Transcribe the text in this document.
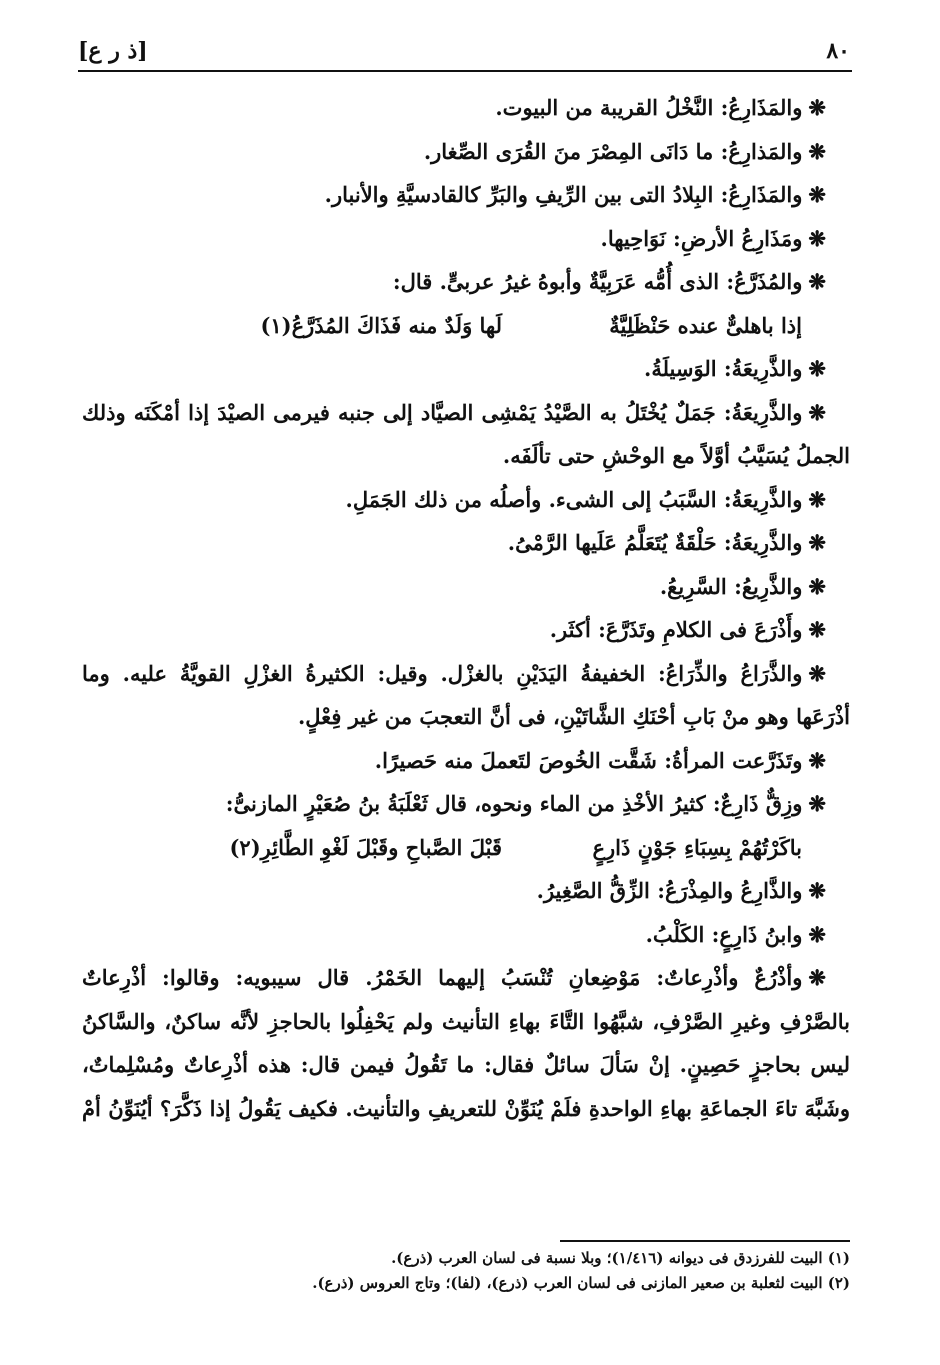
[ذ ر ع]	٨٠
❋والمَذَارِعُ: النَّخْلُ القريبة من البيوت.
❋والمَذارِعُ: ما دَانَى المِصْرَ منَ القُرَى الصِّغار.
❋والمَذَارِعُ: البِلادُ التى بين الرِّيفِ والبَرِّ كالقادسيَّةِ والأنبار.
❋ومَذَارِعُ الأرضِ: نَوَاحِيها.
❋والمُذَرَّعُ: الذى أُمُّه عَرَبِيَّةٌ وأبوهُ غيرُ عربىٍّ. قال:
إذا باهلىٌّ عنده حَنْظَلِيَّةٌ
لَها وَلَدٌ منه فَذَاكَ المُذَرَّعُ(١)
❋والذَّرِيعَةُ: الوَسِيلَةُ.
❋والذَّرِيعَةُ: جَمَلٌ يُخْتَلُ به الصَّيْدُ يَمْشِى الصيَّاد إلى جنبه فيرمى الصيْدَ إذا أمْكَنَه وذلك
الجملُ يُسَيَّبُ أوَّلاً مع الوحْشِ حتى تألَفَه.
❋والذَّرِيعَةُ: السَّبَبُ إلى الشىء. وأصلُه من ذلك الجَمَلِ.
❋والذَّرِيعَةُ: حَلْقَةٌ يُتَعَلَّمُ عَلَيها الرَّمْىُ.
❋والذَّرِيعُ: السَّرِيعُ.
❋وأَذْرَعَ فى الكلامِ وتَذَرَّعَ: أكثَر.
❋والذَّرَاعُ والذِّرَاعُ: الخفيفةُ اليَدَيْنِ بالغزْل. وقيل: الكثيرةُ الغزْلِ القويَّةُ عليه. وما
أذْرَعَها وهو منْ بَابِ أحْنَكِ الشَّاتَيْنِ، فى أنَّ التعجبَ من غير فِعْلٍ.
❋وتَذَرَّعت المرأةُ: شَقَّت الخُوصَ لتَعملَ منه حَصيرًا.
❋وزِقٌّ ذَارِعٌ: كثيرُ الأخْذِ من الماء ونحوه، قال ثَعْلَبَةُ بنُ صُعَيْرٍ المازنىُّ:
باكَرْتُهُمْ بِسِبَاءِ جَوْنٍ ذَارِعٍ
قَبْلَ الصَّباحِ وقَبْلَ لَغْوِ الطَّائِرِ(٢)
❋والذَّارِعُ والمِذْرَعُ: الزِّقُّ الصَّغِيرُ.
❋وابنُ ذَارِعٍ: الكَلْبُ.
❋وأذْرُعٌ وأذْرِعاتٌ: مَوْضِعانِ تُنْسَبُ إليهما الخَمْرُ. قال سيبويه: وقالوا: أذْرِعاتٌ
بالصَّرْفِ وغيرِ الصَّرْفِ، شبَّهُوا التَّاءَ بهاءِ التأنيث ولم يَحْفِلُوا بالحاجزِ لأنَّه ساكنٌ، والسَّاكنُ
ليس بحاجزٍ حَصِينٍ. إنْ سَألَ سائلٌ فقال: ما تَقُولُ فيمن قال: هذه أذْرِعاتٌ ومُسْلِماتٌ،
وشَبَّهَ تاءَ الجماعَةِ بهاءِ الواحدةِ فلَمْ يُنَوِّنْ للتعريفِ والتأنيث. فكيف يَقُولُ إذا ذَكَّرَ؟ أيُنَوِّنُ أمْ
(١) البيت للفرزدق فى ديوانه (١/٤١٦)؛ وبلا نسبة فى لسان العرب (ذرع).
(٢) البيت لثعلبة بن صعير المازنى فى لسان العرب (ذرع)، (لفا)؛ وتاج العروس (ذرع).
